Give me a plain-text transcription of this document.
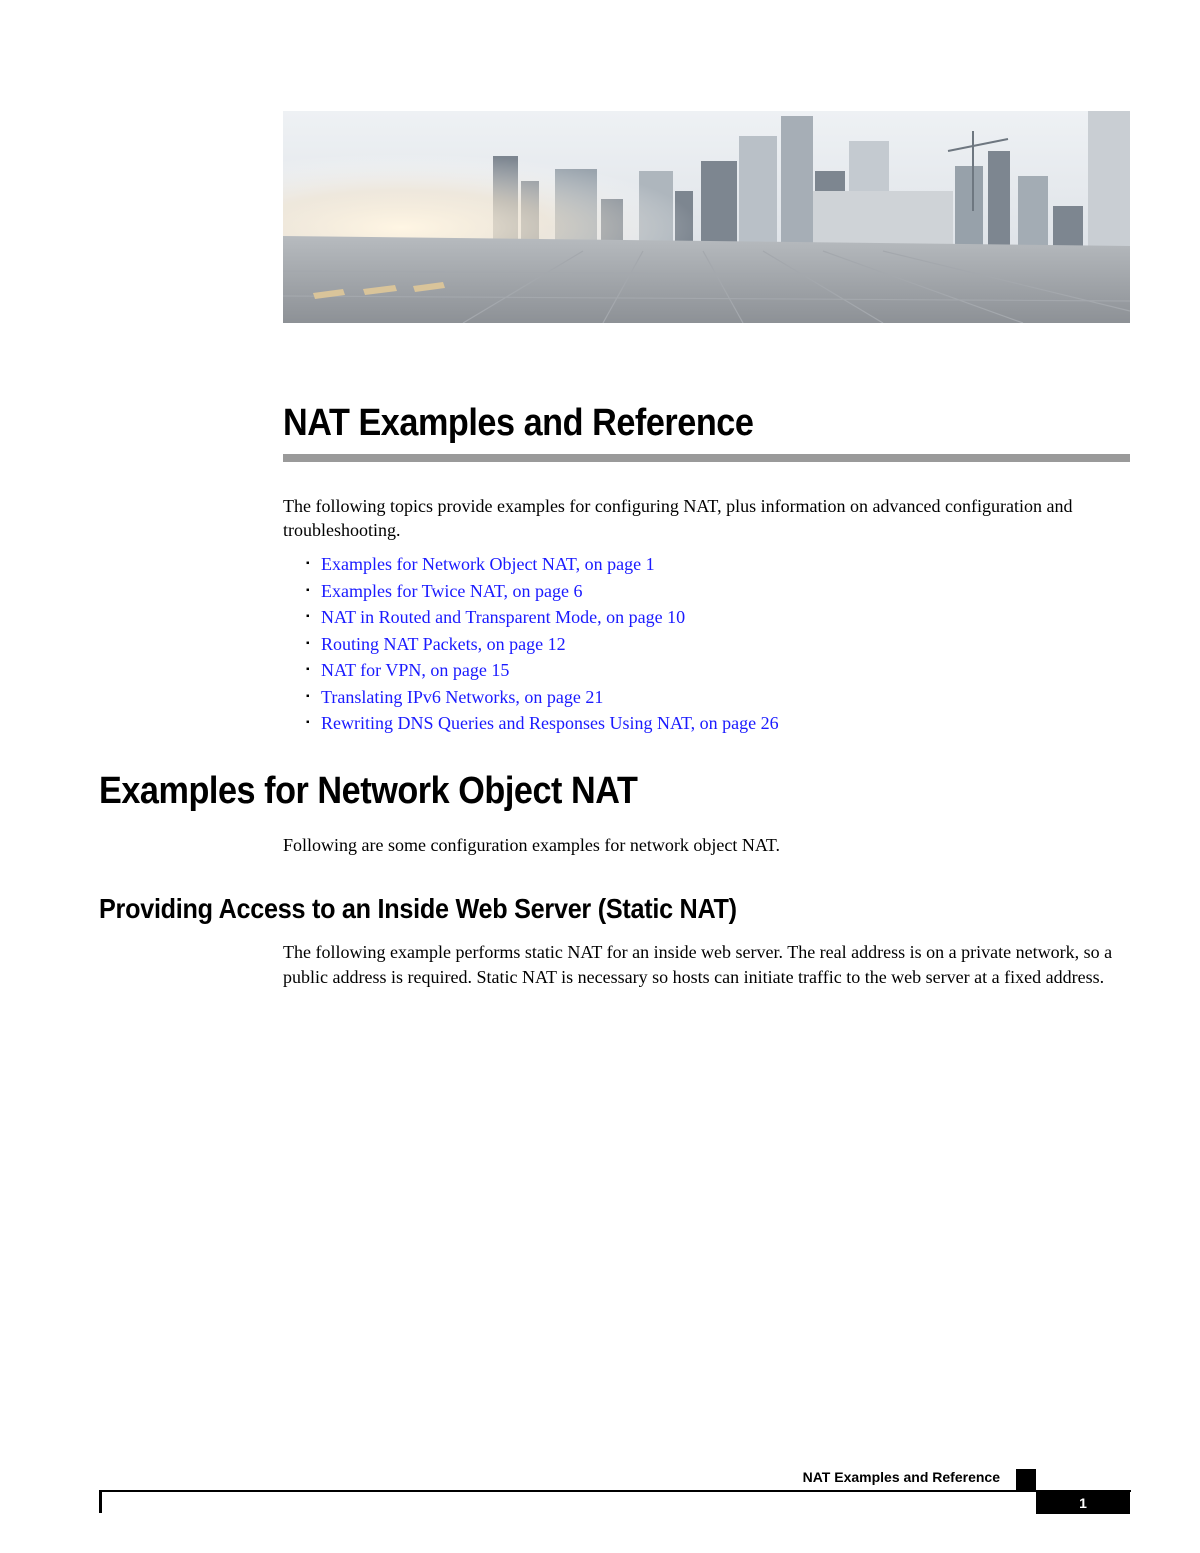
NAT Examples and Reference

The following topics provide examples for configuring NAT, plus information on advanced configuration and troubleshooting.

▪ Examples for Network Object NAT, on page 1
▪ Examples for Twice NAT, on page 6
▪ NAT in Routed and Transparent Mode, on page 10
▪ Routing NAT Packets, on page 12
▪ NAT for VPN, on page 15
▪ Translating IPv6 Networks, on page 21
▪ Rewriting DNS Queries and Responses Using NAT, on page 26
Examples for Network Object NAT

Following are some configuration examples for network object NAT.

Providing Access to an Inside Web Server (Static NAT)

The following example performs static NAT for an inside web server. The real address is on a private network, so a public address is required. Static NAT is necessary so hosts can initiate traffic to the web server at a fixed address.

NAT Examples and Reference
1
